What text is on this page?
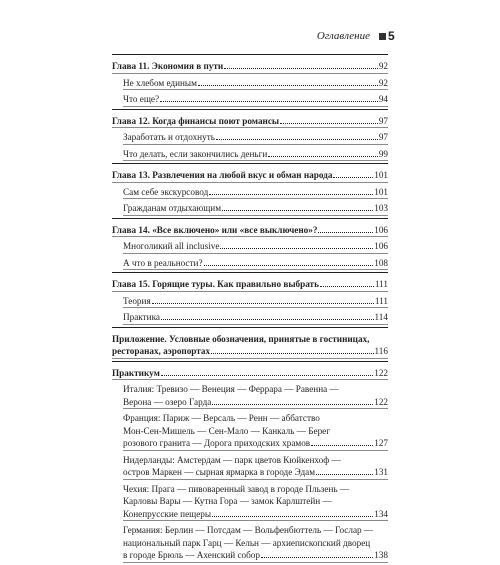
Оглавление 5
Глава 11. Экономия в пути	92
Не хлебом единым	92
Что еще?	94
Глава 12. Когда финансы поют романсы	97
Заработать и отдохнуть	97
Что делать, если закончились деньги	99
Глава 13. Развлечения на любой вкус и обман народа	101
Сам себе экскурсовод	101
Гражданам отдыхающим	103
Глава 14. «Все включено» или «все выключено»?	106
Многоликий all inclusive	106
А что в реальности?	108
Глава 15. Горящие туры. Как правильно выбрать	111
Теория	111
Практика	114
Приложение. Условные обозначения, принятые в гостиницах,
ресторанах, аэропортах	116
Практикум	122
Италия: Тревизо — Венеция — Феррара — Равенна —
Верона — озеро Гарда	122
Франция: Париж — Версаль — Ренн — аббатство
Мон-Сен-Мишель — Сен-Мало — Канкаль — Берег
розового гранита — Дорога приходских храмов	127
Нидерланды: Амстердам — парк цветов Кюйкенхоф —
остров Маркен — сырная ярмарка в городе Эдам	131
Чехия: Прага — пивоваренный завод в городе Пльзень —
Карловы Вары — Кутна Гора — замок Карлштейн —
Конепрусские пещеры	134
Германия: Берлин — Потсдам — Вольфенбюттель — Гослар —
национальный парк Гарц — Кельн — архиепископский дворец
в городе Брюль — Ахенский собор	138
